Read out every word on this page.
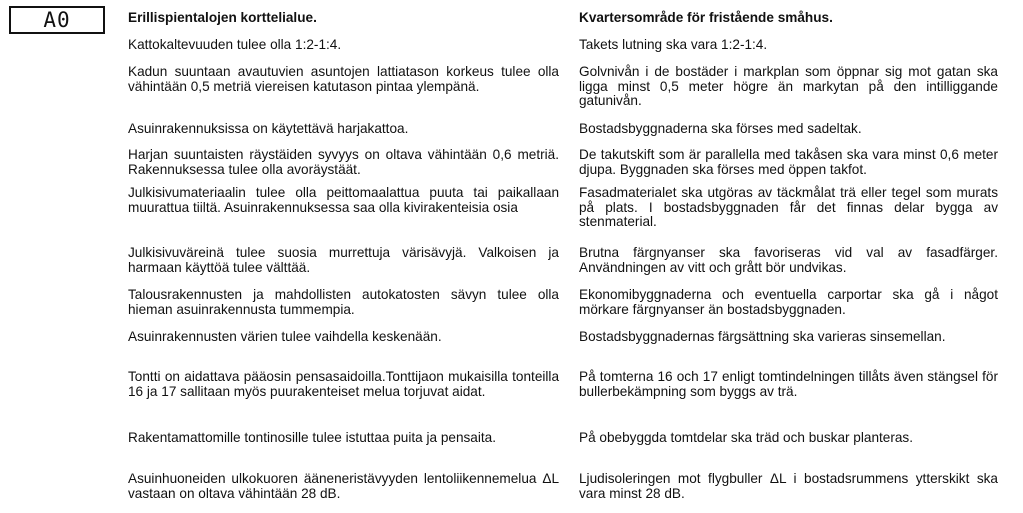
A0	Erillispientalojen korttelialue.

Kattokaltevuuden tulee olla 1:2-1:4.

Kadun suuntaan avautuvien asuntojen lattiatason korkeus tulee olla vähintään 0,5 metriä viereisen katutason pintaa ylempänä.

Asuinrakennuksissa on käytettävä harjakattoa.

Harjan suuntaisten räystäiden syvyys on oltava vähintään 0,6 metriä. Rakennuksessa tulee olla avoräystäät.

Julkisivumateriaalin tulee olla peittomaalattua puuta tai paikallaan muurattua tiiltä. Asuinrakennuksessa saa olla kivirakenteisia osia

Julkisivuväreinä tulee suosia murrettuja värisävyjä. Valkoisen ja harmaan käyttöä tulee välttää.

Talousrakennusten ja mahdollisten autokatosten sävyn tulee olla hieman asuinrakennusta tummempia.

Asuinrakennusten värien tulee vaihdella keskenään.

Tontti on aidattava pääosin pensasaidoilla.Tonttijaon mukaisilla tonteilla 16 ja 17 sallitaan myös puurakenteiset melua torjuvat aidat.

Rakentamattomille tontinosille tulee istuttaa puita ja pensaita.

Asuinhuoneiden ulkokuoren ääneneristävyyden lentoliikennemelua ΔL vastaan on oltava vähintään 28 dB.

Kvartersområde för fristående småhus.

Takets lutning ska vara 1:2-1:4.

Golvnivån i de bostäder i markplan som öppnar sig mot gatan ska ligga minst 0,5 meter högre än markytan på den intilliggande gatunivån.

Bostadsbyggnaderna ska förses med sadeltak.

De takutskift som är parallella med takåsen ska vara minst 0,6 meter djupa. Byggnaden ska förses med öppen takfot.

Fasadmaterialet ska utgöras av täckmålat trä eller tegel som murats på plats. I bostadsbyggnaden får det finnas delar bygga av stenmaterial.

Brutna färgnyanser ska favoriseras vid val av fasadfärger. Användningen av vitt och grått bör undvikas.

Ekonomibyggnaderna och eventuella carportar ska gå i något mörkare färgnyanser än bostadsbyggnaden.

Bostadsbyggnadernas färgsättning ska varieras sinsemellan.

På tomterna 16 och 17 enligt tomtindelningen tillåts även stängsel för bullerbekämpning som byggs av trä.

På obebyggda tomtdelar ska träd och buskar planteras.

Ljudisoleringen mot flygbuller ΔL i bostadsrummens ytterskikt ska vara minst 28 dB.
